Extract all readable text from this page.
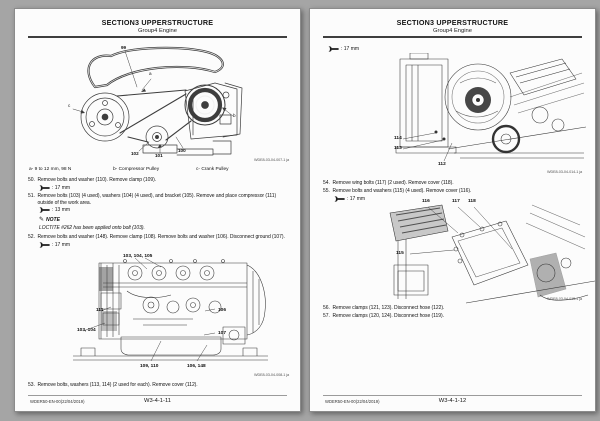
SECTION3 UPPERSTRUCTURE
Group4 Engine
99
a
b
c
102	101
100
WDE8-03-04-007-1 ja
a- 9 to 12 mm, 98 N	b- Compressor Pulley	c- Crank Pulley
50. Remove bolts and washer (110). Remove clamp (109).
: 17 mm
51. Remove bolts (103) (4 used), washers (104) (4 used), and bracket (105). Remove and place compressor (111) outside of the work area.
: 13 mm
✎ NOTE
LOCTITE #262 has been applied onto bolt (103).
52. Remove bolts and washer (148). Remove clamp (108). Remove bolts and washer (106). Disconnect ground (107).
: 17 mm
103, 104, 105
111	106
103, 104
107
109, 110	106, 148
WDE8-03-04-008-1 ja
53. Remove bolts, washers (113, 114) (2 used for each). Remove cover (112).
WDER50-EN-00(22/04/2019)	W3-4-1-11
SECTION3 UPPERSTRUCTURE
Group4 Engine
: 17 mm
114
113
112
WDE8-03-04-014-1 ja
54. Remove wing bolts (117) (2 used). Remove cover (118).
55. Remove bolts and washers (115) (4 used). Remove cover (116).
: 17 mm	116	117 118
115
WDE8-03-04-015-1 ja
56. Remove clamps (121, 123). Disconnect hose (122).
57. Remove clamps (120, 124). Disconnect hose (119).
WDER50-EN-00(22/04/2019)	W3-4-1-12
